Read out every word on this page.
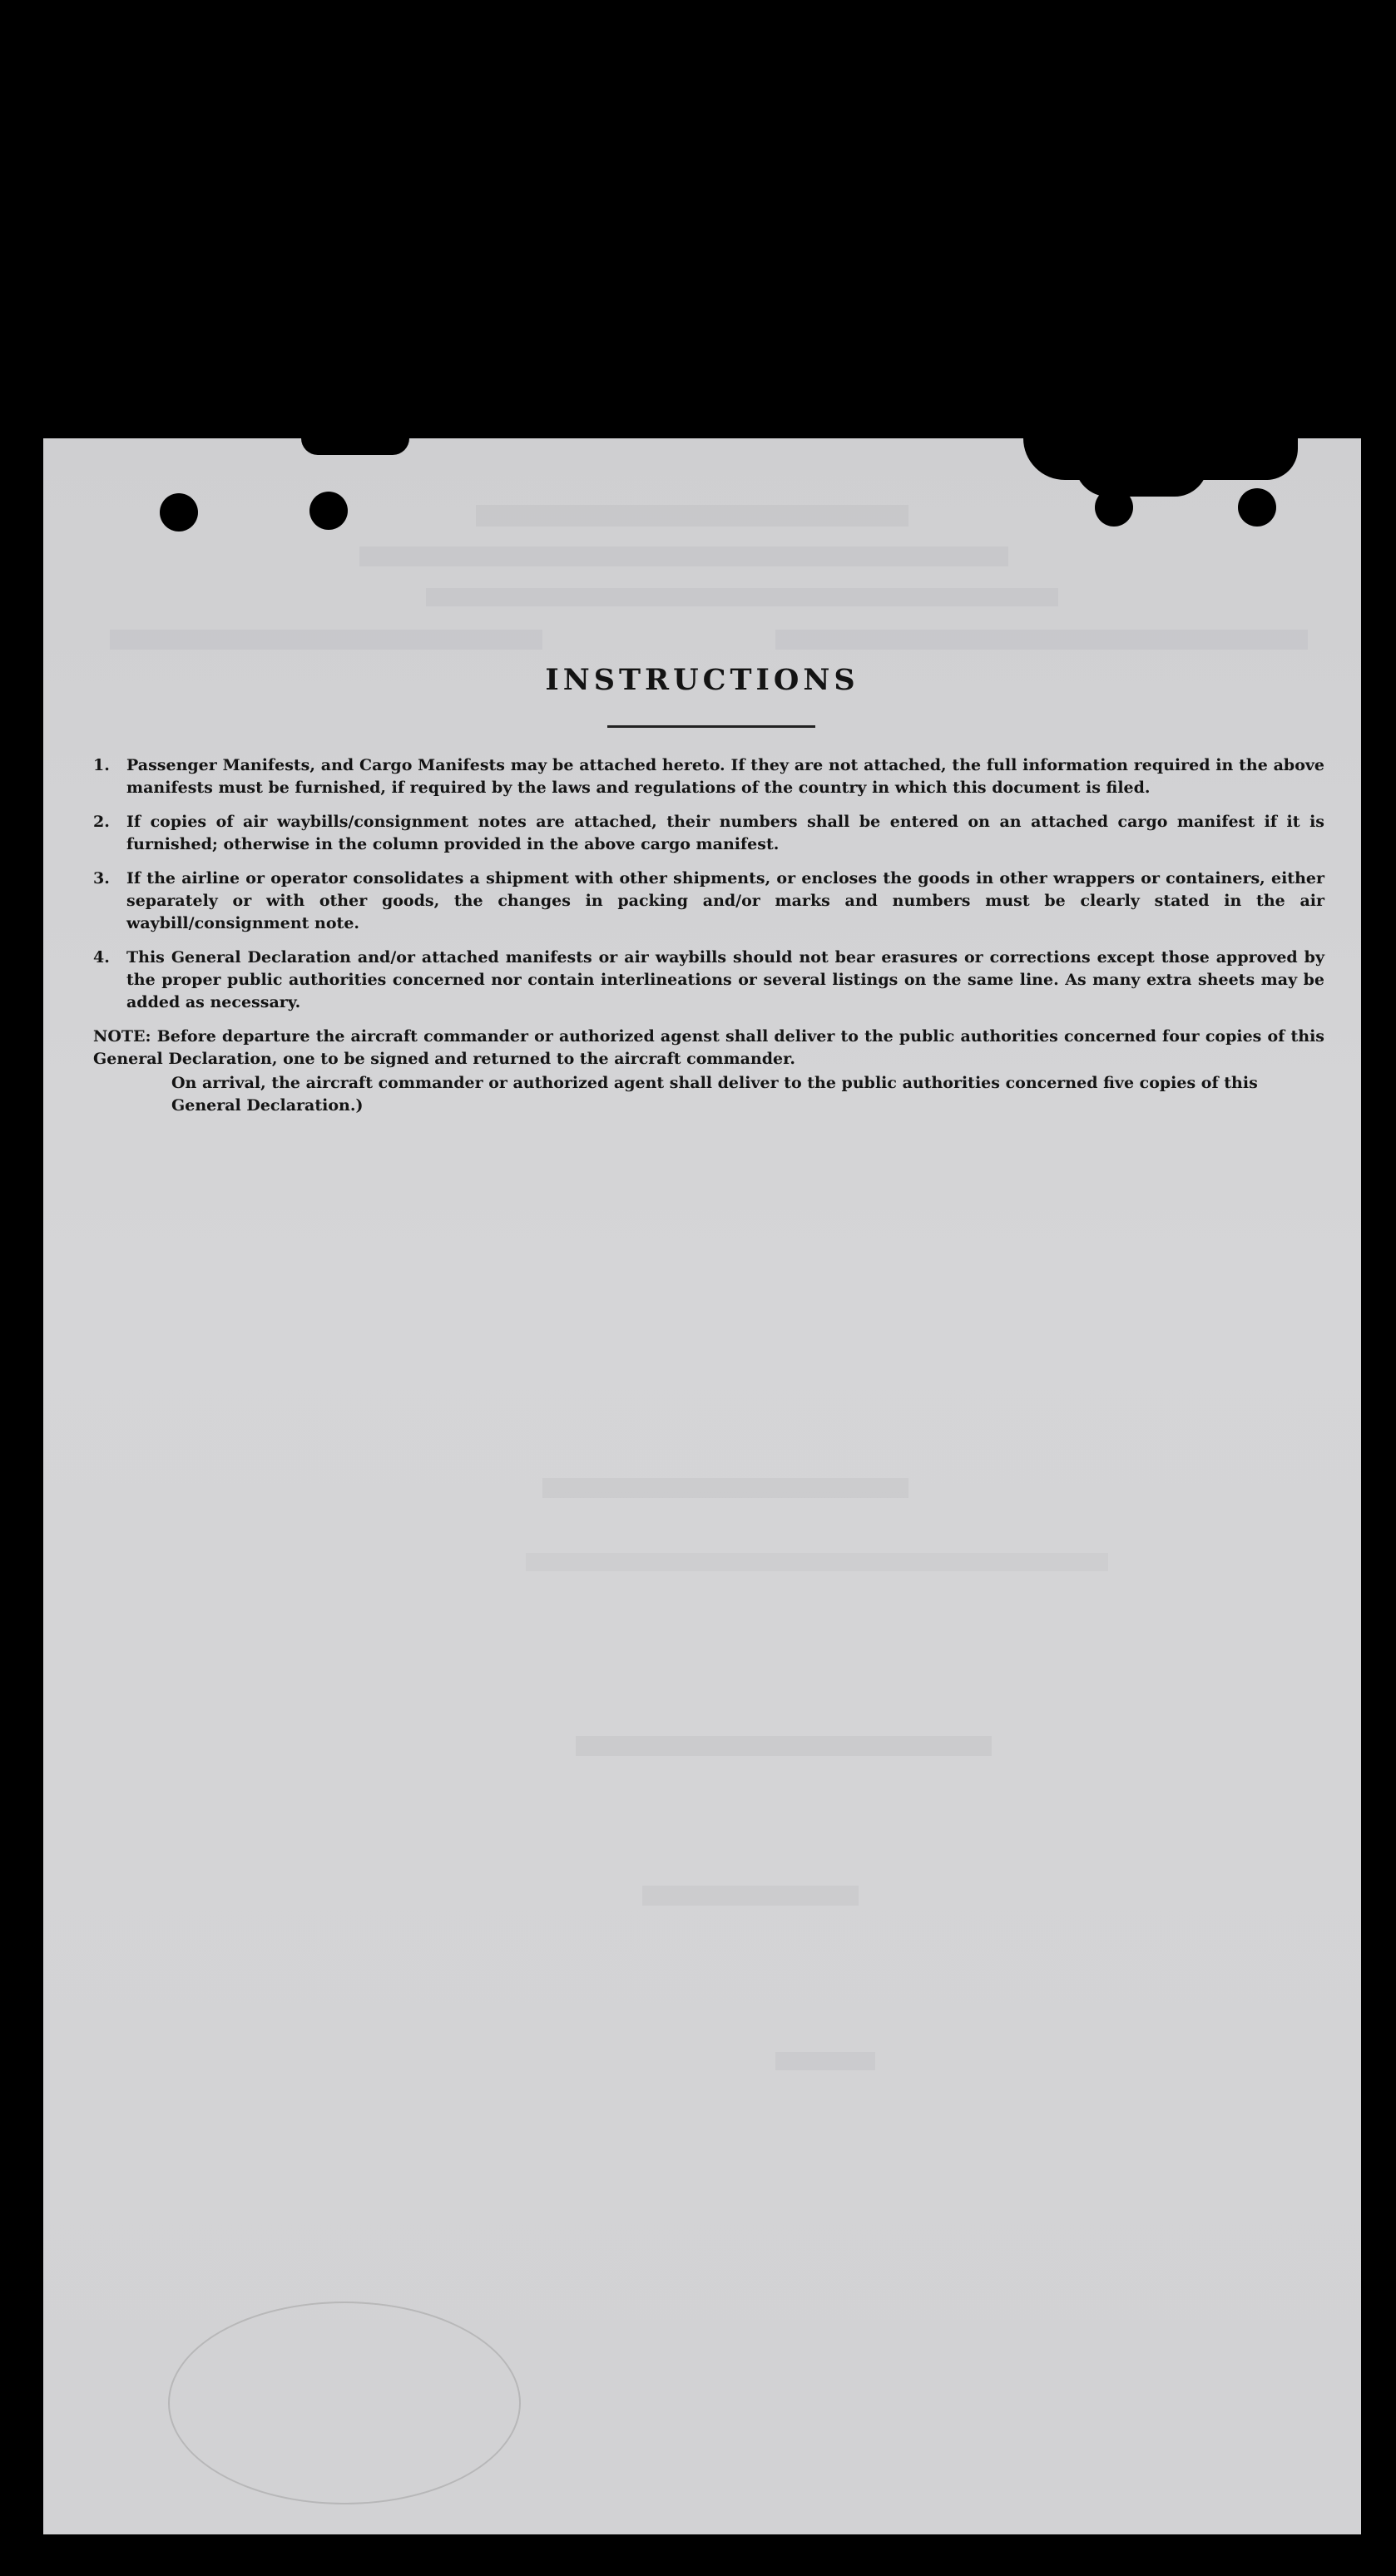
INSTRUCTIONS
1.	Passenger Manifests, and Cargo Manifests may be attached hereto. If they are not attached, the full information required in the above manifests must be furnished, if required by the laws and regulations of the country in which this document is filed.
2.	If copies of air waybills/consignment notes are attached, their numbers shall be entered on an attached cargo manifest if it is furnished; otherwise in the column provided in the above cargo manifest.
3.	If the airline or operator consolidates a shipment with other shipments, or encloses the goods in other wrappers or containers, either separately or with other goods, the changes in packing and/or marks and numbers must be clearly stated in the air waybill/consignment note.
4.	This General Declaration and/or attached manifests or air waybills should not bear erasures or corrections except those approved by the proper public authorities concerned nor contain interlineations or several listings on the same line. As many extra sheets may be added as necessary.
NOTE: Before departure the aircraft commander or authorized agenst shall deliver to the public authorities concerned four copies of this General Declaration, one to be signed and returned to the aircraft commander.
On arrival, the aircraft commander or authorized agent shall deliver to the public authorities concerned five copies of this General Declaration.)
